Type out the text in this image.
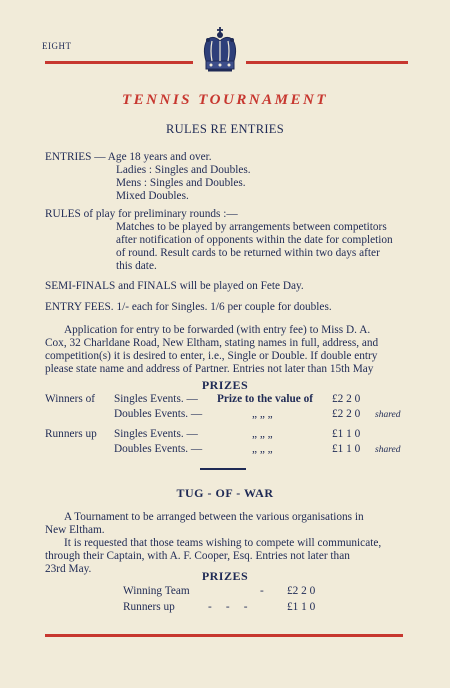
EIGHT
TENNIS TOURNAMENT
RULES RE ENTRIES
ENTRIES — Age 18 years and over.
Ladies : Singles and Doubles.
Mens : Singles and Doubles.
Mixed Doubles.
RULES of play for preliminary rounds :—
Matches to be played by arrangements between competitors
after notification of opponents within the date for completion
of round. Result cards to be returned within two days after
this date.
SEMI-FINALS and FINALS will be played on Fete Day.
ENTRY FEES. 1/- each for Singles. 1/6 per couple for doubles.
Application for entry to be forwarded (with entry fee) to Miss D. A.
Cox, 32 Charldane Road, New Eltham, stating names in full, address, and
competition(s) it is desired to enter, i.e., Single or Double. If double entry
please state name and address of Partner. Entries not later than 15th May
PRIZES
Winners of Singles Events. — Prize to the value of £2 2 0
Doubles Events. —	„ „ „	£2 2 0 shared
Runners up Singles Events. —	„ „ „	£1 1 0
Doubles Events. —	„ „ „	£1 1 0 shared
TUG - OF - WAR
A Tournament to be arranged between the various organisations in
New Eltham.
It is requested that those teams wishing to compete will communicate,
through their Captain, with A. F. Cooper, Esq. Entries not later than
23rd May.	PRIZES
Winning Team	- £2 2 0
Runners up	-     -     -	£1 1 0
